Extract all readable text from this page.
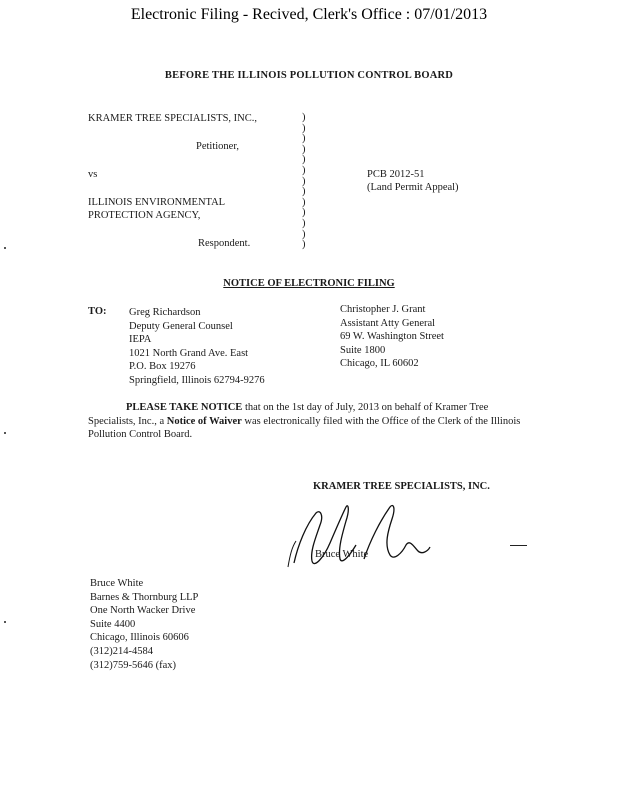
Electronic Filing - Recived, Clerk's Office : 07/01/2013
BEFORE THE ILLINOIS POLLUTION CONTROL BOARD
KRAMER TREE SPECIALISTS, INC.,
Petitioner,
vs
ILLINOIS ENVIRONMENTAL
PROTECTION AGENCY,
Respondent.
)
)
)
)
)
)
)
)
)
)
)
)
)
PCB 2012-51
(Land Permit Appeal)
NOTICE OF ELECTRONIC FILING
TO: Greg Richardson
Deputy General Counsel
IEPA
1021 North Grand Ave. East
P.O. Box 19276
Springfield, Illinois 62794-9276
Christopher J. Grant
Assistant Atty General
69 W. Washington Street
Suite 1800
Chicago, IL 60602
PLEASE TAKE NOTICE that on the 1st day of July, 2013 on behalf of Kramer Tree Specialists, Inc., a Notice of Waiver was electronically filed with the Office of the Clerk of the Illinois Pollution Control Board.
KRAMER TREE SPECIALISTS, INC.
Bruce White
Bruce White
Barnes & Thornburg LLP
One North Wacker Drive
Suite 4400
Chicago, Illinois 60606
(312)214-4584
(312)759-5646 (fax)
